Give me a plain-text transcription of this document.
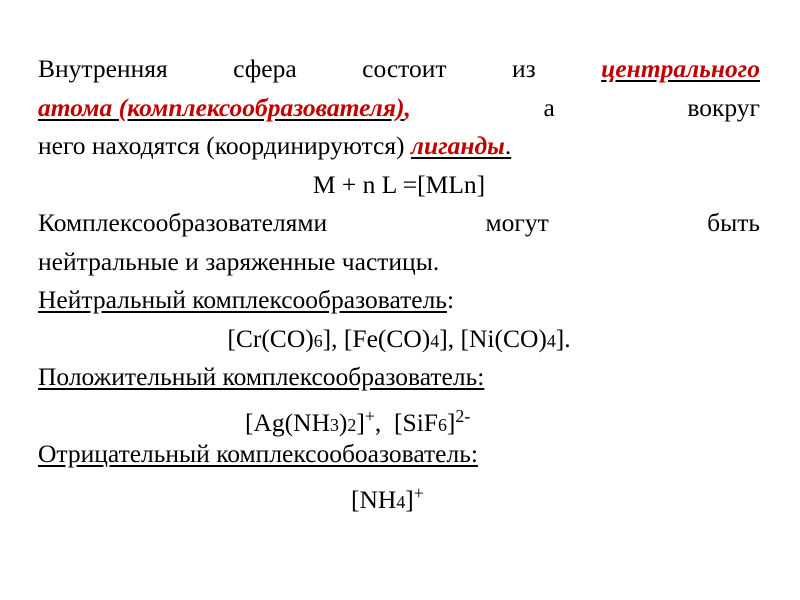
Внутренняя	сфера	состоит	из	центрального
атома (комплексообразователя),	а	вокруг
него находятся (координируются) лиганды.
M + n L =[MLn]
Комплексообразователями	могут	быть
нейтральные и заряженные частицы.
Нейтральный комплексообразователь:
[Cr(CO)6], [Fe(CO)4], [Ni(CO)4].
Положительный комплексообразователь:
[Ag(NH3)2]+,  $[SiF6]^{2-}$
Отрицательный комплексообоазователь:
[NH4]+
